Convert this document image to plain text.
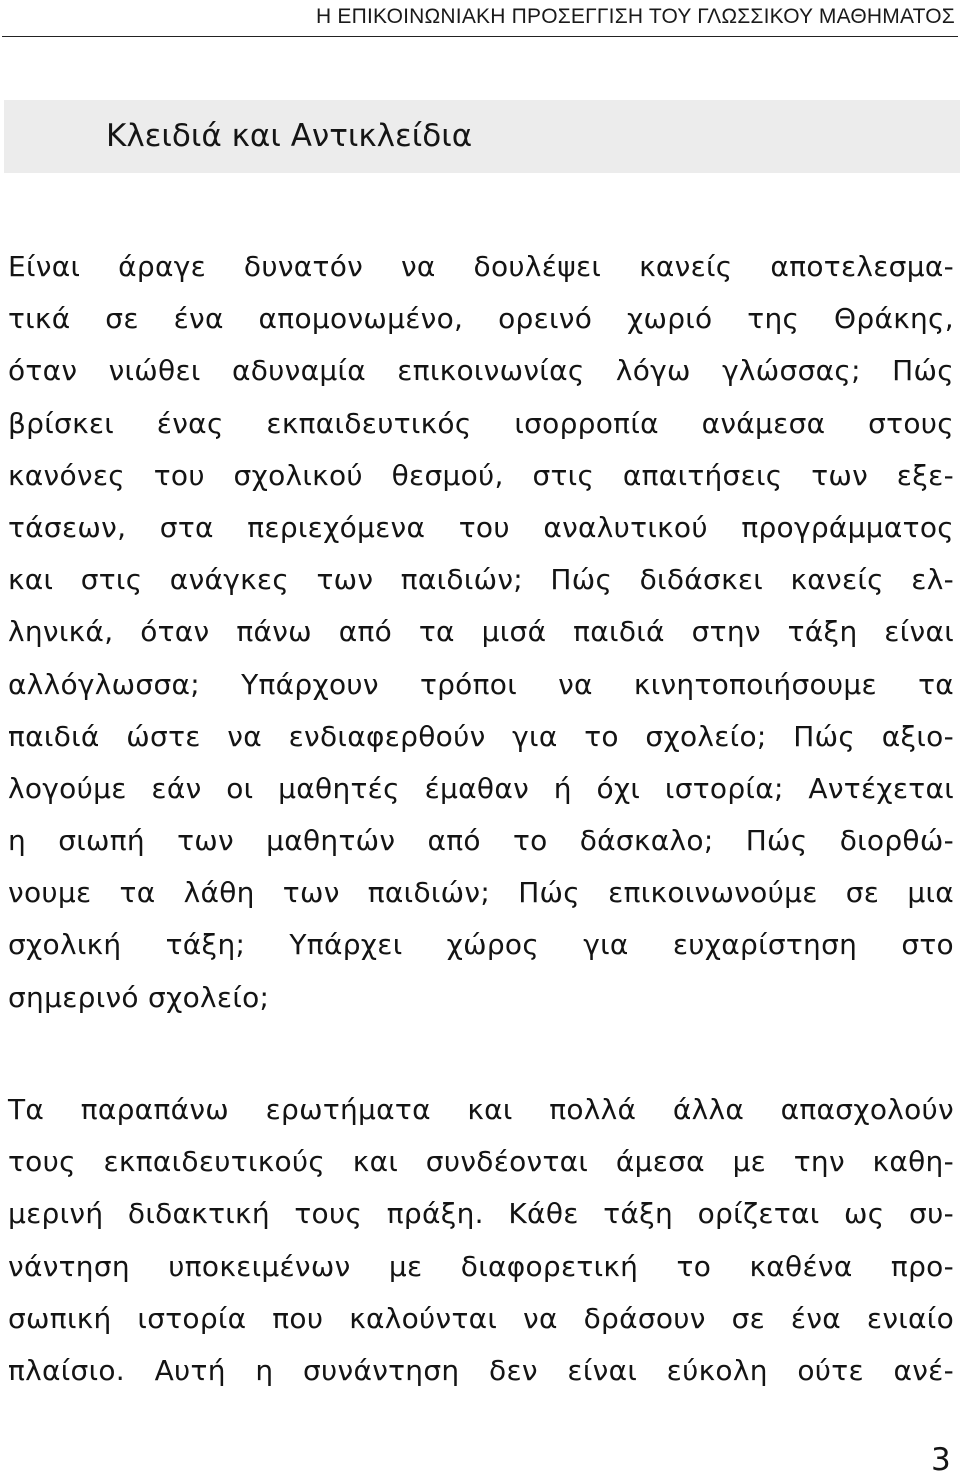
Η ΕΠΙΚΟΙΝΩΝΙΑΚΗ ΠΡΟΣΕΓΓΙΣΗ ΤΟΥ ΓΛΩΣΣΙΚΟΥ ΜΑΘΗΜΑΤΟΣ
Κλειδιά και Αντικλείδια
Είναι άραγε δυνατόν να δουλέψει κανείς αποτελεσμα-
τικά σε ένα απομονωμένο, ορεινό χωριό της Θράκης,
όταν νιώθει αδυναμία επικοινωνίας λόγω γλώσσας; Πώς
βρίσκει ένας εκπαιδευτικός ισορροπία ανάμεσα στους
κανόνες του σχολικού θεσμού, στις απαιτήσεις των εξε-
τάσεων, στα περιεχόμενα του αναλυτικού προγράμματος
και στις ανάγκες των παιδιών; Πώς διδάσκει κανείς ελ-
ληνικά, όταν πάνω από τα μισά παιδιά στην τάξη είναι
αλλόγλωσσα; Υπάρχουν τρόποι να κινητοποιήσουμε τα
παιδιά ώστε να ενδιαφερθούν για το σχολείο; Πώς αξιο-
λογούμε εάν οι μαθητές έμαθαν ή όχι ιστορία; Αντέχεται
η σιωπή των μαθητών από το δάσκαλο; Πώς διορθώ-
νουμε τα λάθη των παιδιών; Πώς επικοινωνούμε σε μια
σχολική τάξη; Υπάρχει χώρος για ευχαρίστηση στο
σημερινό σχολείο;
Τα παραπάνω ερωτήματα και πολλά άλλα απασχολούν
τους εκπαιδευτικούς και συνδέονται άμεσα με την καθη-
μερινή διδακτική τους πράξη. Κάθε τάξη ορίζεται ως συ-
νάντηση υποκειμένων με διαφορετική το καθένα προ-
σωπική ιστορία που καλούνται να δράσουν σε ένα ενιαίο
πλαίσιο. Αυτή η συνάντηση δεν είναι εύκολη ούτε ανέ-
3
